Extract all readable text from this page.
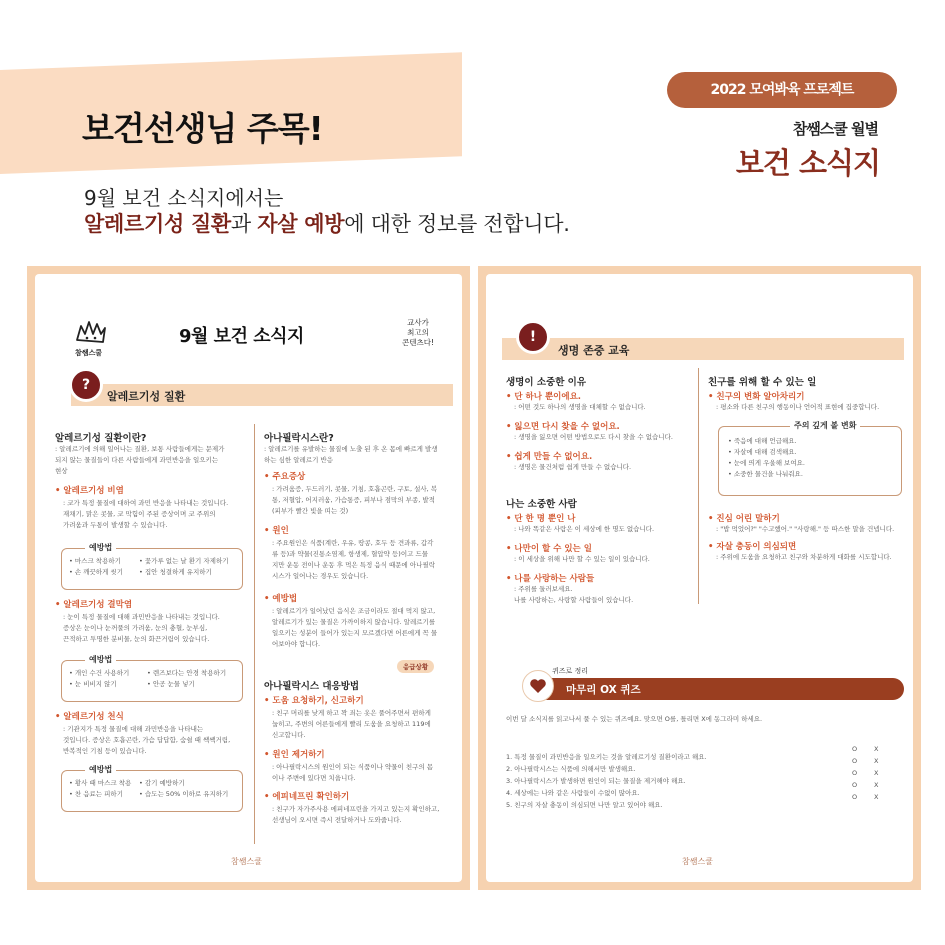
보건선생님 주목!
2022 모여봐육 프로젝트
참쌤스쿨 월별
보건 소식지
9월 보건 소식지에서는
알레르기성 질환과 자살 예방에 대한 정보를 전합니다.
참쌤스쿨
9월 보건 소식지
교사가
최고의
콘텐츠다!
?
알레르기성 질환
알레르기성 질환이란?
: 알레르기에 의해 일어나는 질환, 보통 사람들에게는 문제가
되지 않는 물질들이 다른 사람들에게 과민반응을 일으키는
현상
• 알레르기성 비염
: 코가 특정 물질에 대하여 과민 반응을 나타내는 것입니다.
재채기, 맑은 콧물, 코 막힘이 주된 증상이며 코 주위의
가려움과 두통이 발생할 수 있습니다.
예방법
• 마스크 착용하기	• 꽃가루 없는 날 환기 자제하기

• 손 깨끗하게 씻기 • 집안 청결하게 유지하기
• 알레르기성 결막염
: 눈이 특정 물질에 대해 과민반응을 나타내는 것입니다.
증상은 눈이나 눈꺼풀의 가려움, 눈의 충혈, 눈부심,
끈적하고 투명한 분비물, 눈의 화끈거림이 있습니다.
예방법
• 개인 수건 사용하기	• 렌즈보다는 안경 착용하기

• 눈 비비지 않기	• 안공 눈물 넣기
• 알레르기성 천식
: 기관지가 특정 물질에 대해 과민반응을 나타내는
것입니다. 증상은 호흡곤란, 가슴 답답함, 숨쉴 때 쌕쌕거림,
반복적인 기침 등이 있습니다.
예방법
• 황사 때 마스크 착용 • 감기 예방하기

• 찬 음료는 피하기 • 습도는 50% 이하로 유지하기
아나필락시스란?
: 알레르기를 유발하는 물질에 노출 된 후 온 몸에 빠르게 발생
하는 심한 알레르기 반응
• 주요증상
: 가려움증, 두드러기, 콧물, 기침, 호흡곤란, 구토, 설사, 복
통, 저혈압, 어지러움, 가슴통증, 피부나 점막의 부종, 발적
(피부가 빨간 빛을 띠는 것)
• 원인
: 주요원인은 식품(계란, 우유, 땅콩, 호두 등 견과류, 갑각
류 등)과 약물(진통소염제, 항생제, 혈압약 등)이고 드물
지만 운동 전이나 운동 후 먹은 특정 음식 때문에 아나필락
시스가 일어나는 경우도 있습니다.
• 예방법
: 알레르기가 일어났던 음식은 조금이라도 절대 먹지 않고,
알레르기가 있는 물질은 가까이하지 않습니다. 알레르기를
일으키는 성분이 들어가 있는지 모르겠다면 어른에게 꼭 물
어보아야 합니다.
응급상황
아나필락시스 대응방법
• 도움 요청하기, 신고하기
: 친구 머리를 낮게 하고 꽉 죄는 옷은 풀어주면서 편하게
눕히고, 주변의 어른들에게 빨리 도움을 요청하고 119에
신고합니다.
• 원인 제거하기
: 아나필락시스의 원인이 되는 식품이나 약물이 친구의 몸
이나 주변에 있다면 치웁니다.
• 에피네프린 확인하기
: 친구가 자가주사용 에피네프린을 가지고 있는지 확인하고,
선생님이 오시면 즉시 전달하거나 도와줍니다.
참쌤스쿨
!
생명 존중 교육
생명이 소중한 이유
• 단 하나 뿐이에요.
: 어떤 것도 하나의 생명을 대체할 수 없습니다.
• 잃으면 다시 찾을 수 없어요.
: 생명을 잃으면 어떤 방법으로도 다시 찾을 수 없습니다.
• 쉽게 만들 수 없어요.
: 생명은 물건처럼 쉽게 만들 수 없습니다.
나는 소중한 사람
• 단 한 명 뿐인 나
: 나와 똑같은 사람은 이 세상에 한 명도 없습니다.
• 나만이 할 수 있는 일
: 이 세상을 위해 나만 할 수 있는 일이 있습니다.
• 나를 사랑하는 사람들
: 주위를 둘러보세요.
나를 사랑하는, 사랑할 사람들이 있습니다.
친구를 위해 할 수 있는 일
• 친구의 변화 알아차리기
: 평소와 다른 친구의 행동이나 언어적 표현에 집중합니다.
주의 깊게 볼 변화
• 죽음에 대해 언급해요.
• 자살에 대해 검색해요.
• 눈에 띄게 우울해 보여요.
• 소중한 물건을 나눠줘요.
• 진심 어린 말하기
: "밥 먹었어?" "수고했어." "사랑해." 등 따스한 말을 건넵니다.
• 자살 충동이 의심되면
: 주위에 도움을 요청하고 친구와 차분하게 대화를 시도합니다.
퀴즈로 정리
마무리 OX 퀴즈
이번 달 소식지를 읽고나서 풀 수 있는 퀴즈예요. 맞으면 O를, 틀리면 X에 동그라미 하세요.
1. 특정 물질이 과민반응을 일으키는 것을 알레르기성 질환이라고 해요.
O	X
2. 아나필락시스는 식품에 의해서만 발생해요.
O	X
3. 아나필락시스가 발생하면 원인이 되는 물질을 제거해야 해요.
O	X
4. 세상에는 나와 같은 사람들이 수없이 많아요.
O	X
5. 친구의 자살 충동이 의심되면 나만 알고 있어야 해요.
O	X
참쌤스쿨
